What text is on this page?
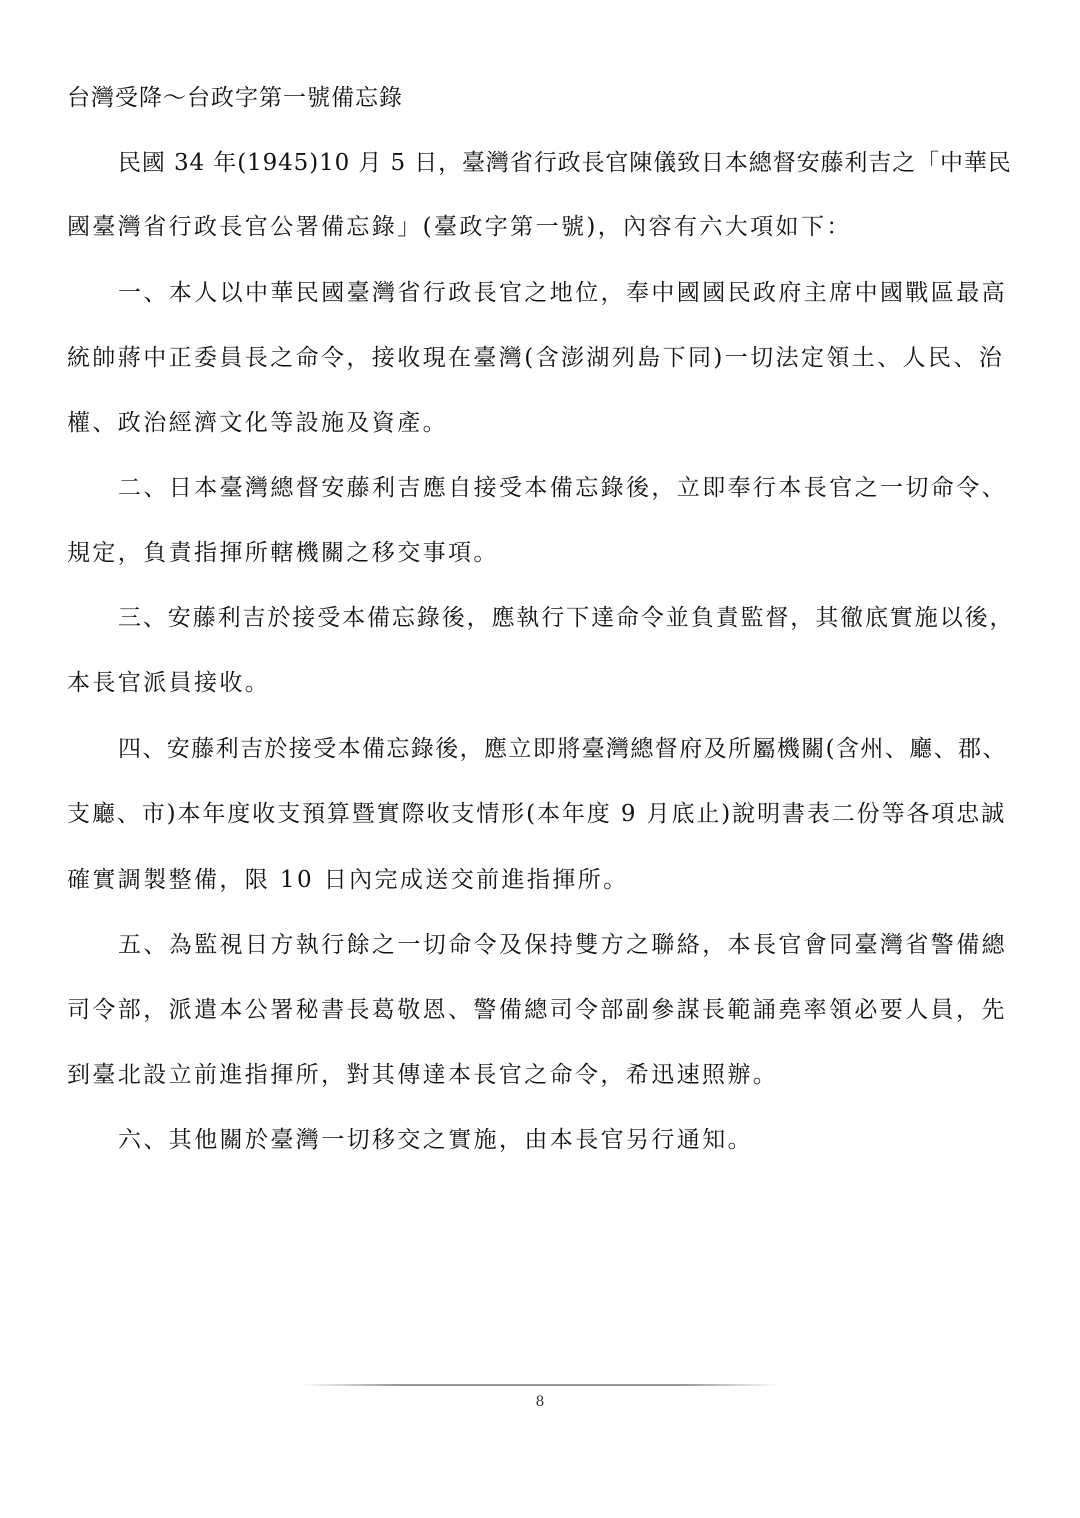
台灣受降～台政字第一號備忘錄
民國 34 年(1945)10 月 5 日，臺灣省行政長官陳儀致日本總督安藤利吉之「中華民
國臺灣省行政長官公署備忘錄」(臺政字第一號)，內容有六大項如下：
一、本人以中華民國臺灣省行政長官之地位，奉中國國民政府主席中國戰區最高
統帥蔣中正委員長之命令，接收現在臺灣(含澎湖列島下同)一切法定領土、人民、治
權、政治經濟文化等設施及資產。
二、日本臺灣總督安藤利吉應自接受本備忘錄後，立即奉行本長官之一切命令、
規定，負責指揮所轄機關之移交事項。
三、安藤利吉於接受本備忘錄後，應執行下達命令並負責監督，其徹底實施以後，
本長官派員接收。
四、安藤利吉於接受本備忘錄後，應立即將臺灣總督府及所屬機關(含州、廳、郡、
支廳、市)本年度收支預算暨實際收支情形(本年度 9 月底止)說明書表二份等各項忠誠
確實調製整備，限 10 日內完成送交前進指揮所。
五、為監視日方執行餘之一切命令及保持雙方之聯絡，本長官會同臺灣省警備總
司令部，派遣本公署秘書長葛敬恩、警備總司令部副參謀長範誦堯率領必要人員，先
到臺北設立前進指揮所，對其傳達本長官之命令，希迅速照辦。
六、其他關於臺灣一切移交之實施，由本長官另行通知。
8
